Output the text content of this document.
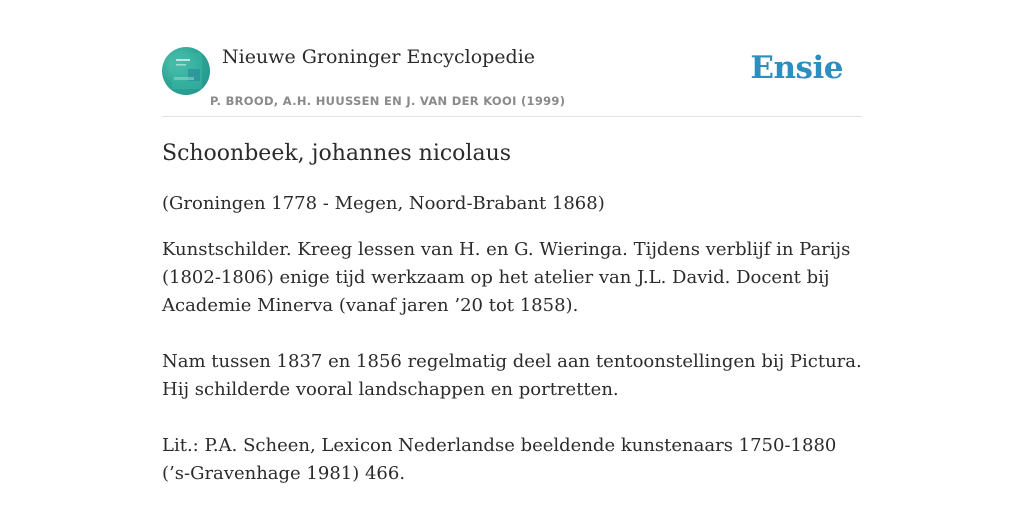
Nieuwe Groninger Encyclopedie
P. BROOD, A.H. HUUSSEN EN J. VAN DER KOOI (1999)
Ensie
Schoonbeek, johannes nicolaus

(Groningen 1778 - Megen, Noord-Brabant 1868)

Kunstschilder. Kreeg lessen van H. en G. Wieringa. Tijdens verblijf in Parijs (1802-1806) enige tijd werkzaam op het atelier van J.L. David. Docent bij Academie Minerva (vanaf jaren ’20 tot 1858).

Nam tussen 1837 en 1856 regelmatig deel aan tentoonstellingen bij Pictura. Hij schilderde vooral landschappen en portretten.

Lit.: P.A. Scheen, Lexicon Nederlandse beeldende kunstenaars 1750-1880 (’s-Gravenhage 1981) 466.
